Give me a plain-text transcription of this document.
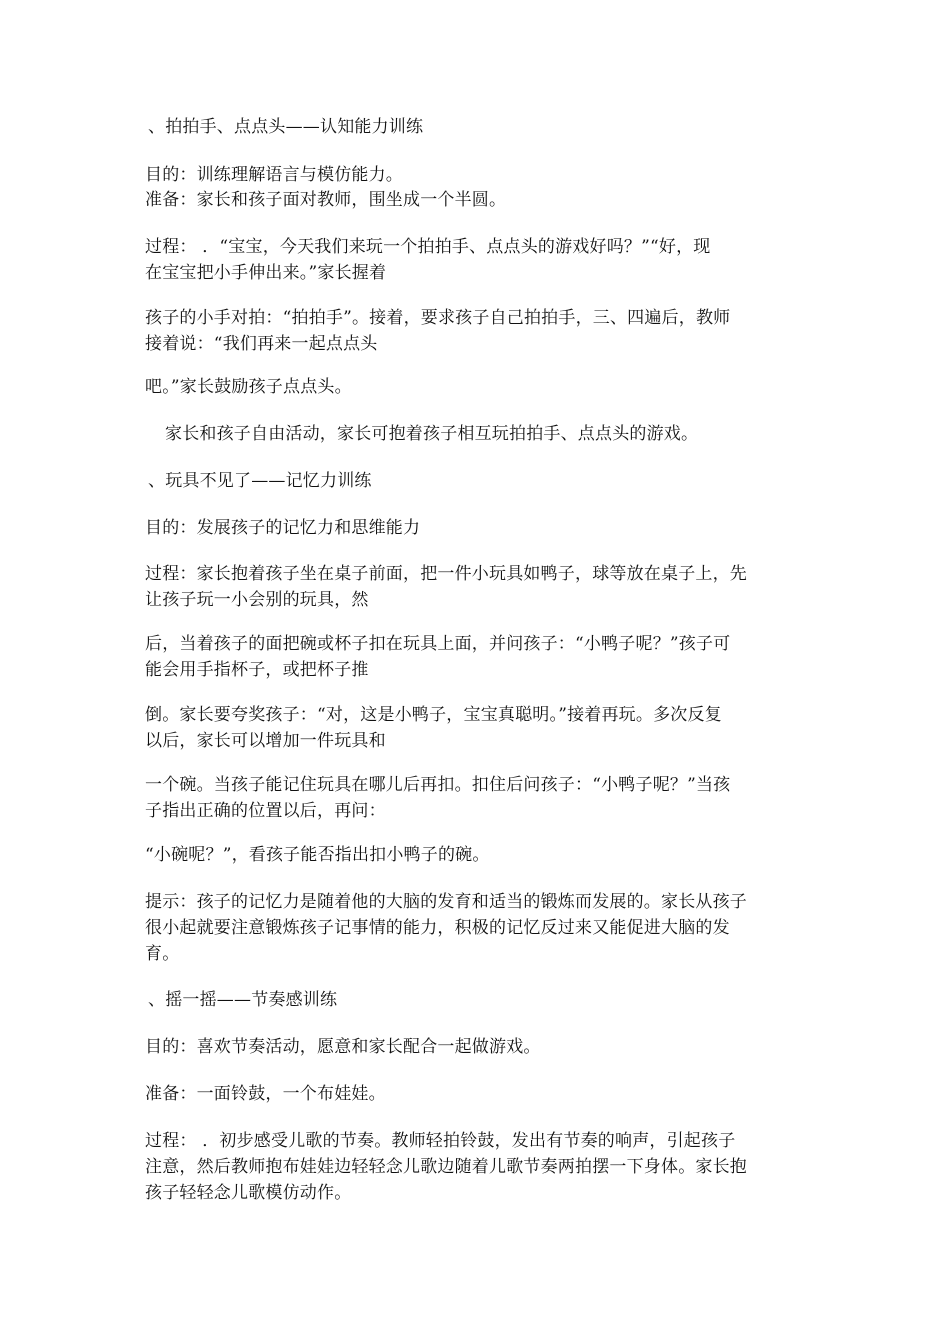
、拍拍手、点点头——认知能力训练

目的：训练理解语言与模仿能力。

准备：家长和孩子面对教师，围坐成一个半圆。

过程： ．“宝宝，今天我们来玩一个拍拍手、点点头的游戏好吗？”“好，现
在宝宝把小手伸出来。”家长握着

孩子的小手对拍：“拍拍手”。接着，要求孩子自己拍拍手，三、四遍后，教师
接着说：“我们再来一起点点头

吧。”家长鼓励孩子点点头。

家长和孩子自由活动，家长可抱着孩子相互玩拍拍手、点点头的游戏。

、玩具不见了——记忆力训练

目的：发展孩子的记忆力和思维能力

过程：家长抱着孩子坐在桌子前面，把一件小玩具如鸭子，球等放在桌子上，先
让孩子玩一小会别的玩具，然

后，当着孩子的面把碗或杯子扣在玩具上面，并问孩子：“小鸭子呢？”孩子可
能会用手指杯子，或把杯子推

倒。家长要夸奖孩子：“对，这是小鸭子，宝宝真聪明。”接着再玩。多次反复
以后，家长可以增加一件玩具和

一个碗。当孩子能记住玩具在哪儿后再扣。扣住后问孩子：“小鸭子呢？”当孩
子指出正确的位置以后，再问：

“小碗呢？”，看孩子能否指出扣小鸭子的碗。

提示：孩子的记忆力是随着他的大脑的发育和适当的锻炼而发展的。家长从孩子
很小起就要注意锻炼孩子记事情的能力，积极的记忆反过来又能促进大脑的发
育。

、摇一摇——节奏感训练

目的：喜欢节奏活动，愿意和家长配合一起做游戏。

准备：一面铃鼓，一个布娃娃。

过程： ．初步感受儿歌的节奏。教师轻拍铃鼓，发出有节奏的响声，引起孩子
注意，然后教师抱布娃娃边轻轻念儿歌边随着儿歌节奏两拍摆一下身体。家长抱
孩子轻轻念儿歌模仿动作。
